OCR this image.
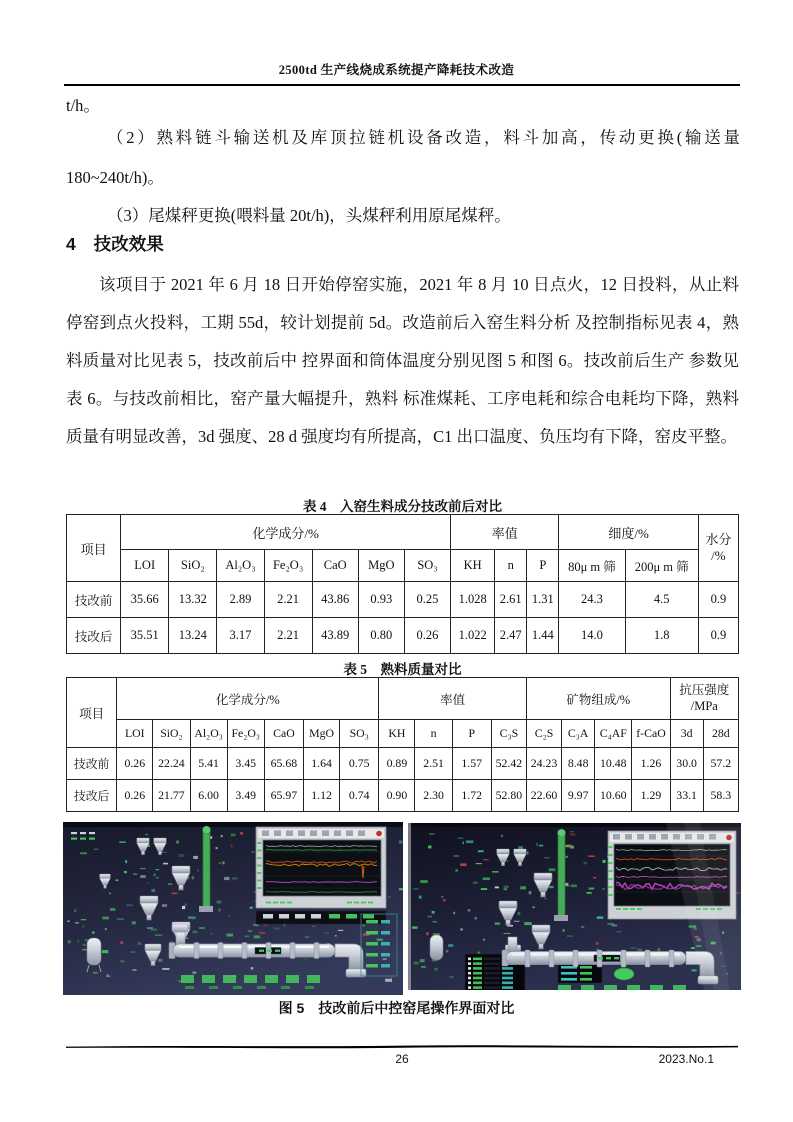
2500td 生产线烧成系统提产降耗技术改造
t/h。
（2）熟料链斗输送机及库顶拉链机设备改造，料斗加高，传动更换(输送量 180~240t/h)。
（3）尾煤秤更换(喂料量 20t/h)，头煤秤利用原尾煤秤。
4 技改效果
该项目于 2021 年 6 月 18 日开始停窑实施，2021 年 8 月 10 日点火，12 日投料，从止料停窑到点火投料，工期 55d，较计划提前 5d。改造前后入窑生料分析 及控制指标见表 4，熟料质量对比见表 5，技改前后中 控界面和筒体温度分别见图 5 和图 6。技改前后生产 参数见表 6。与技改前相比，窑产量大幅提升，熟料 标准煤耗、工序电耗和综合电耗均下降，熟料质量有明显改善，3d 强度、28 d 强度均有所提高，C1 出口温度、负压均有下降，窑皮平整。
表 4　入窑生料成分技改前后对比
项目	化学成分/%							率值			细度/%		水分
/%

	LOI	SiO₂	Al₂O₃	Fe₂O₃	CaO	MgO	SO₃	KH	n	P	80μ m 筛	200μ m 筛	
技改前	35.66	13.32	2.89	2.21	43.86	0.93	0.25	1.028	2.61	1.31	24.3	4.5	0.9
技改后	35.51	13.24	3.17	2.21	43.89	0.80	0.26	1.022	2.47	1.44	14.0	1.8	0.9
表 5　熟料质量对比
项目	化学成分/%							率值				矿物组成/%				抗压强度
/MPa	

	LOI	SiO₂	Al₂O₃	Fe₂O₃	CaO	MgO	SO₃	KH	n	P	C₃S	C₂S	C₃A	C₄AF	f-CaO	3d	28d
技改前	0.26	22.24	5.41	3.45	65.68	1.64	0.75	0.89	2.51	1.57	52.42	24.23	8.48	10.48	1.26	30.0	57.2
技改后	0.26	21.77	6.00	3.49	65.97	1.12	0.74	0.90	2.30	1.72	52.80	22.60	9.97	10.60	1.29	33.1	58.3
图 5 技改前后中控窑尾操作界面对比
26	2023.No.1
